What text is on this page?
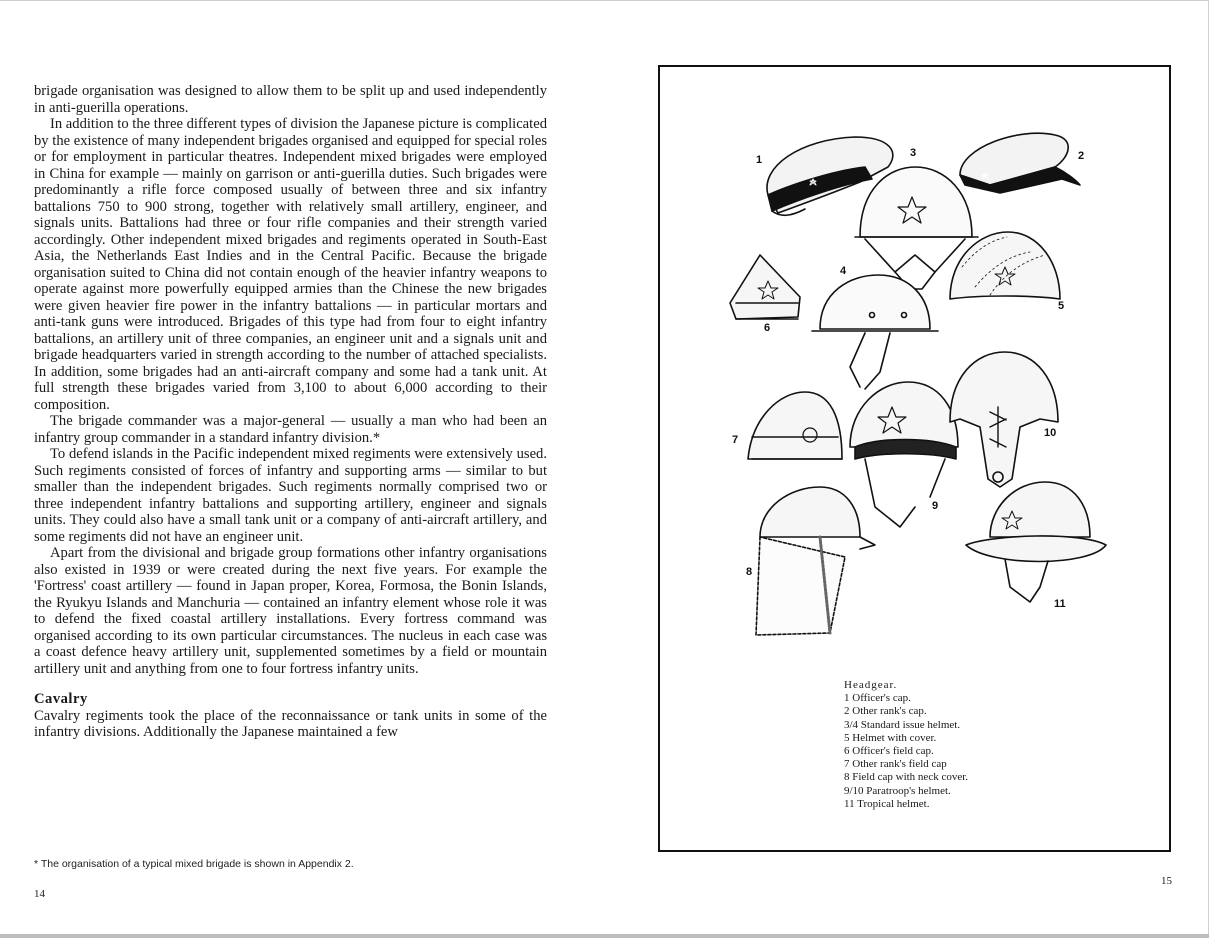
brigade organisation was designed to allow them to be split up and used independently in anti-guerilla operations.

In addition to the three different types of division the Japanese picture is complicated by the existence of many independent brigades organised and equipped for special roles or for employment in particular theatres. Independent mixed brigades were employed in China for example — mainly on garrison or anti-guerilla duties. Such brigades were predominantly a rifle force composed usually of between three and six infantry battalions 750 to 900 strong, together with relatively small artillery, engineer, and signals units. Battalions had three or four rifle companies and their strength varied accordingly. Other independent mixed brigades and regiments operated in South-East Asia, the Netherlands East Indies and in the Central Pacific. Because the brigade organisation suited to China did not contain enough of the heavier infantry weapons to operate against more powerfully equipped armies than the Chinese the new brigades were given heavier fire power in the infantry battalions — in particular mortars and anti-tank guns were introduced. Brigades of this type had from four to eight infantry battalions, an artillery unit of three companies, an engineer unit and a signals unit and brigade headquarters varied in strength according to the number of attached specialists. In addition, some brigades had an anti-aircraft company and some had a tank unit. At full strength these brigades varied from 3,100 to about 6,000 according to their composition.

The brigade commander was a major-general — usually a man who had been an infantry group commander in a standard infantry division.*

To defend islands in the Pacific independent mixed regiments were extensively used. Such regiments consisted of forces of infantry and supporting arms — similar to but smaller than the independent brigades. Such regiments normally comprised two or three independent infantry battalions and supporting artillery, engineer and signals units. They could also have a small tank unit or a company of anti-aircraft artillery, and some regiments did not have an engineer unit.

Apart from the divisional and brigade group formations other infantry organisations also existed in 1939 or were created during the next five years. For example the 'Fortress' coast artillery — found in Japan proper, Korea, Formosa, the Bonin Islands, the Ryukyu Islands and Manchuria — contained an infantry element whose role it was to defend the fixed coastal artillery installations. Every fortress command was organised according to its own particular circumstances. The nucleus in each case was a coast defence heavy artillery unit, supplemented sometimes by a field or mountain artillery unit and anything from one to four fortress infantry units.

Cavalry

Cavalry regiments took the place of the reconnaissance or tank units in some of the infantry divisions. Additionally the Japanese maintained a few

* The organisation of a typical mixed brigade is shown in Appendix 2.
14
1	2
3
4
5
6
7
8
9
10
11
Headgear.
1 Officer's cap.
2 Other rank's cap.
3/4 Standard issue helmet.
5 Helmet with cover.
6 Officer's field cap.
7 Other rank's field cap
8 Field cap with neck cover.
9/10 Paratroop's helmet.
11 Tropical helmet.
15
